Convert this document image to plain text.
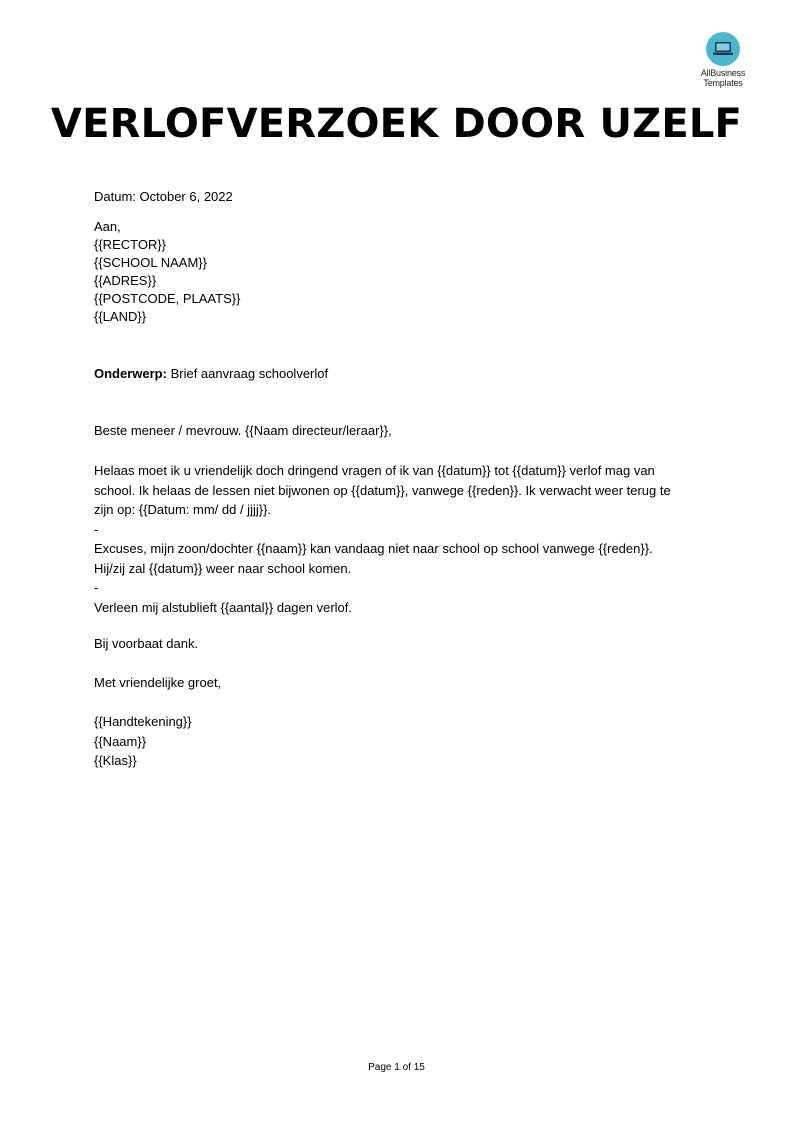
AllBusiness
Templates
VERLOFVERZOEK DOOR UZELF
Datum: October 6, 2022
Aan,
{{RECTOR}}
{{SCHOOL NAAM}}
{{ADRES}}
{{POSTCODE, PLAATS}}
{{LAND}}
Onderwerp: Brief aanvraag schoolverlof
Beste meneer / mevrouw. {{Naam directeur/leraar}},
Helaas moet ik u vriendelijk doch dringend vragen of ik van {{datum}} tot {{datum}} verlof mag van
school. Ik helaas de lessen niet bijwonen op {{datum}}, vanwege {{reden}}. Ik verwacht weer terug te
zijn op: {{Datum: mm/ dd / jjjj}}.
-
Excuses, mijn zoon/dochter {{naam}} kan vandaag niet naar school op school vanwege {{reden}}.
Hij/zij zal {{datum}} weer naar school komen.
-
Verleen mij alstublieft {{aantal}} dagen verlof.
Bij voorbaat dank.
Met vriendelijke groet,
{{Handtekening}}
{{Naam}}
{{Klas}}
Page 1 of 15
